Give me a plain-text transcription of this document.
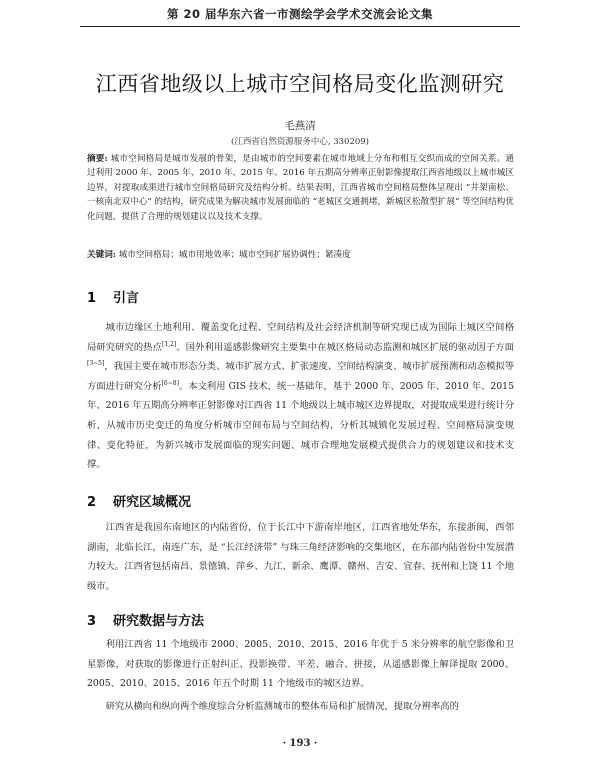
第 20 届华东六省一市测绘学会学术交流会论文集
江西省地级以上城市空间格局变化监测研究
毛燕清
(江西省自然资源服务中心, 330209)
摘要: 城市空间格局是城市发展的骨架，是由城市的空间要素在城市地域上分布和相互交织而成的空间关系。通过利用 2000 年、2005 年、2010 年、2015 年、2016 年五期高分辨率正射影像提取江西省地级以上城市城区边界，对提取成果进行城市空间格局研究及结构分析。结果表明，江西省城市空间格局整体呈现出 “井架南松、一核南北双中心” 的结构，研究成果为解决城市发展面临的 “老城区交通拥堵，新城区松散型扩展” 等空间结构优化问题，提供了合理的规划建议以及技术支撑。
关键词: 城市空间格局；城市用地效率；城市空间扩展协调性；紧凑度
1 引言
城市边缘区土地利用、覆盖变化过程、空间结构及社会经济机制等研究现已成为国际上城区空间格局研究研究的热点[1,2]。国外利用遥感影像研究主要集中在城区格局动态监测和城区扩展的驱动因子方面[3~5]，我国主要在城市形态分类、城市扩展方式、扩张速度、空间结构演变、城市扩展预测和动态模拟等方面进行研究分析[6~8]。本文利用 GIS 技术，统一基础年，基于 2000 年、2005 年、2010 年、2015 年、2016 年五期高分辨率正射影像对江西省 11 个地级以上城市城区边界提取，对提取成果进行统计分析，从城市历史变迁的角度分析城市空间布局与空间结构，分析其城镇化发展过程、空间格局演变规律、变化特征，为新兴城市发展面临的现实问题、城市合理地发展模式提供合力的规划建议和技术支撑。
2 研究区域概况
江西省是我国东南地区的内陆省份，位于长江中下游南岸地区，江西省地处华东，东接浙闽，西邻湖南，北临长江，南连广东，是 “长江经济带” 与珠三角经济影响的交集地区，在东部内陆省份中发展潜力较大。江西省包括南昌、景德镇、萍乡、九江、新余、鹰潭、赣州、吉安、宜春、抚州和上饶 11 个地级市。
3 研究数据与方法
利用江西省 11 个地级市 2000、2005、2010、2015、2016 年优于 5 米分辨率的航空影像和卫星影像，对获取的影像进行正射纠正、投影换带、平差、融合、拼接，从遥感影像上解译提取 2000、2005、2010、2015、2016 年五个时期 11 个地级市的城区边界。
研究从横向和纵向两个维度综合分析监测城市的整体布局和扩展情况，提取分辨率高的
· 193 ·
